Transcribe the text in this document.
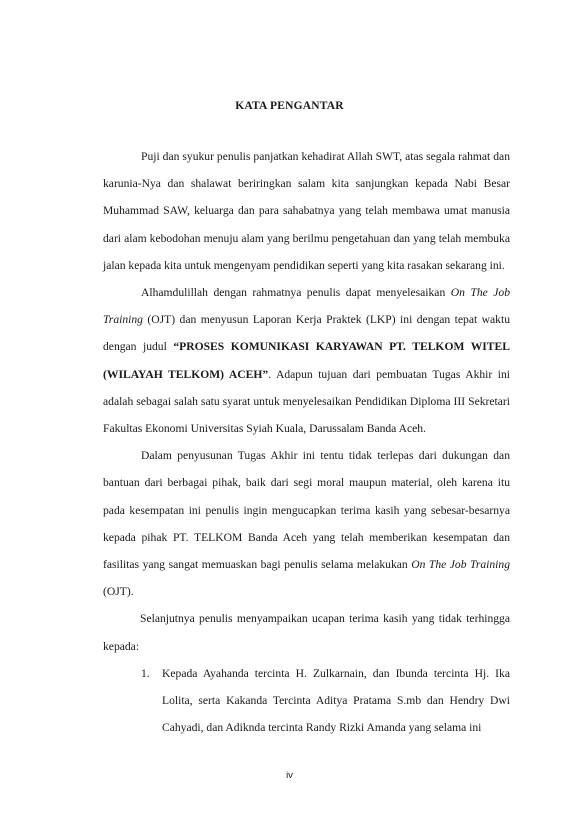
KATA PENGANTAR

Puji dan syukur penulis panjatkan kehadirat Allah SWT, atas segala rahmat dan karunia-Nya dan shalawat beriringkan salam kita sanjungkan kepada Nabi Besar Muhammad SAW, keluarga dan para sahabatnya yang telah membawa umat manusia dari alam kebodohan menuju alam yang berilmu pengetahuan dan yang telah membuka jalan kepada kita untuk mengenyam pendidikan seperti yang kita rasakan sekarang ini.

Alhamdulillah dengan rahmatnya penulis dapat menyelesaikan On The Job Training (OJT) dan menyusun Laporan Kerja Praktek (LKP) ini dengan tepat waktu dengan judul “PROSES KOMUNIKASI KARYAWAN PT. TELKOM WITEL (WILAYAH TELKOM) ACEH”. Adapun tujuan dari pembuatan Tugas Akhir ini adalah sebagai salah satu syarat untuk menyelesaikan Pendidikan Diploma III Sekretari Fakultas Ekonomi Universitas Syiah Kuala, Darussalam Banda Aceh.

Dalam penyusunan Tugas Akhir ini tentu tidak terlepas dari dukungan dan bantuan dari berbagai pihak, baik dari segi moral maupun material, oleh karena itu pada kesempatan ini penulis ingin mengucapkan terima kasih yang sebesar-besarnya kepada pihak PT. TELKOM Banda Aceh yang telah memberikan kesempatan dan fasilitas yang sangat memuaskan bagi penulis selama melakukan On The Job Training (OJT).

Selanjutnya penulis menyampaikan ucapan terima kasih yang tidak terhingga kepada:

1. Kepada Ayahanda tercinta H. Zulkarnain, dan Ibunda tercinta Hj. Ika Lolita, serta Kakanda Tercinta Aditya Pratama S.mb dan Hendry Dwi Cahyadi, dan Adiknda tercinta Randy Rizki Amanda yang selama ini
iv
